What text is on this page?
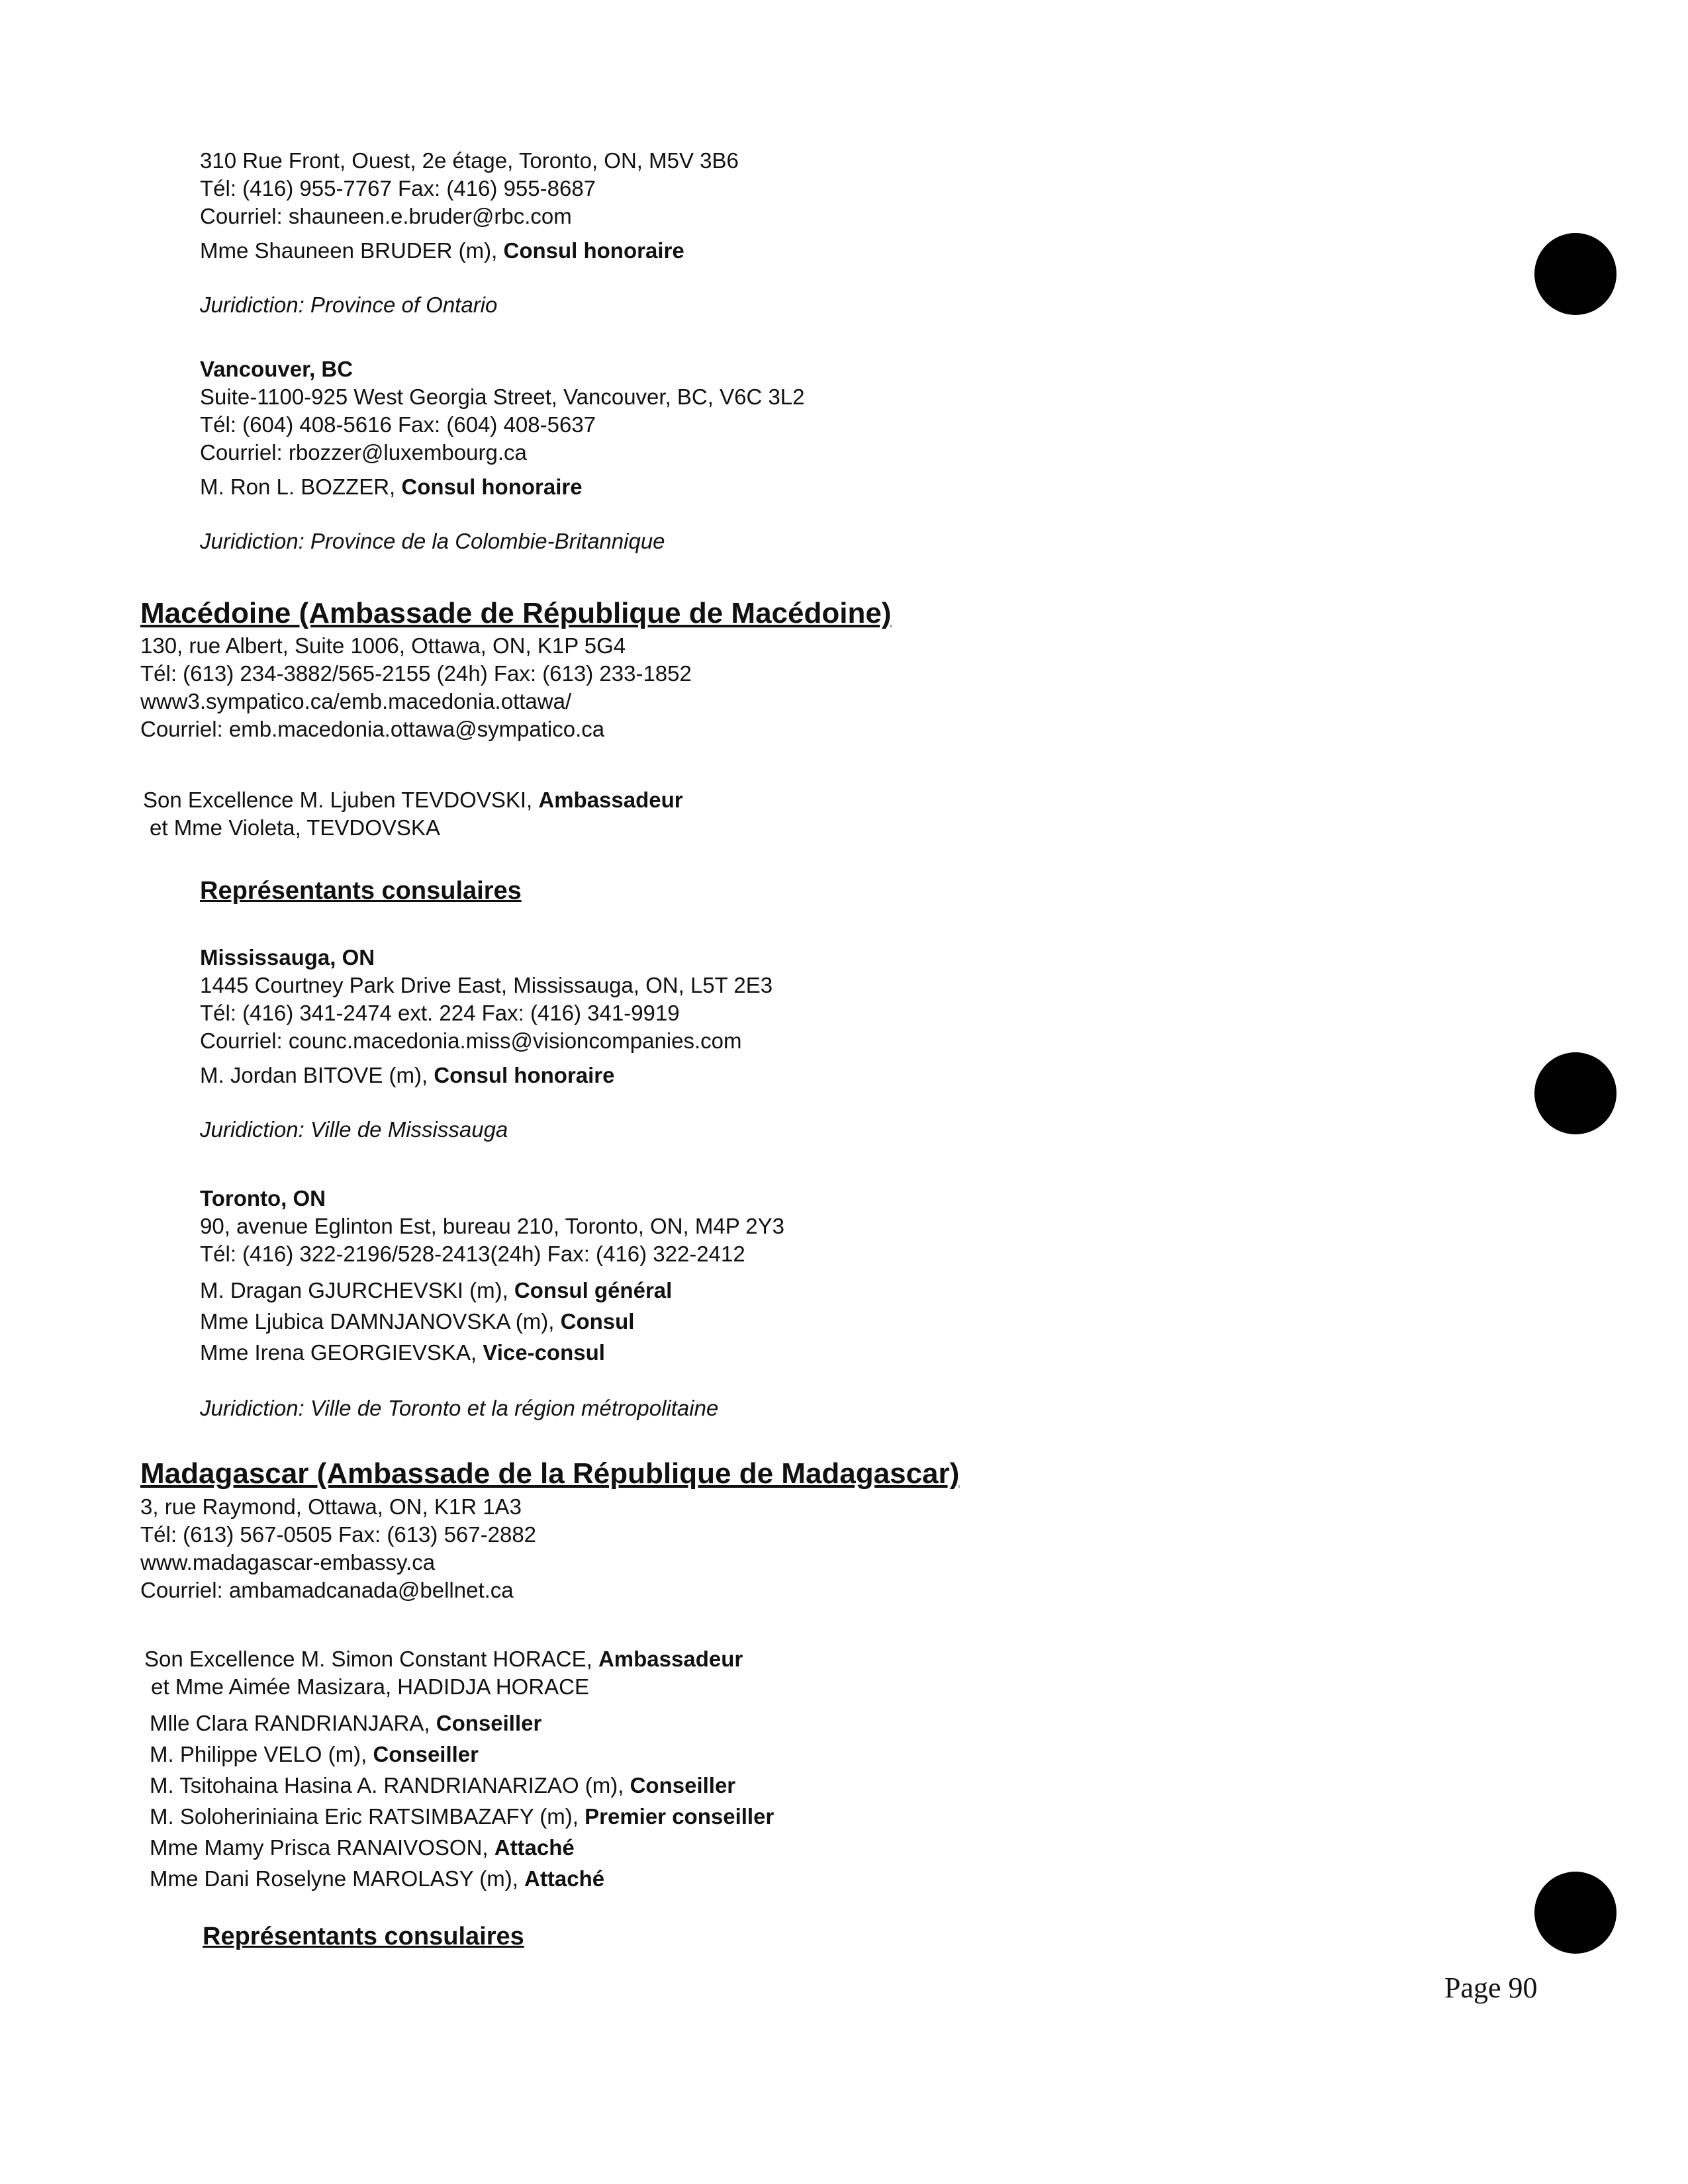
310 Rue Front, Ouest, 2e étage, Toronto, ON, M5V 3B6
Tél: (416) 955-7767 Fax: (416) 955-8687
Courriel: shauneen.e.bruder@rbc.com
Mme Shauneen BRUDER (m), Consul honoraire
Juridiction: Province of Ontario
Vancouver, BC
Suite-1100-925 West Georgia Street, Vancouver, BC, V6C 3L2
Tél: (604) 408-5616 Fax: (604) 408-5637
Courriel: rbozzer@luxembourg.ca
M. Ron L. BOZZER, Consul honoraire
Juridiction: Province de la Colombie-Britannique
Macédoine (Ambassade de République de Macédoine)
130, rue Albert, Suite 1006, Ottawa, ON, K1P 5G4
Tél: (613) 234-3882/565-2155 (24h) Fax: (613) 233-1852
www3.sympatico.ca/emb.macedonia.ottawa/
Courriel: emb.macedonia.ottawa@sympatico.ca
Son Excellence M. Ljuben TEVDOVSKI, Ambassadeur
et Mme Violeta, TEVDOVSKA
Représentants consulaires
Mississauga, ON
1445 Courtney Park Drive East, Mississauga, ON, L5T 2E3
Tél: (416) 341-2474 ext. 224 Fax: (416) 341-9919
Courriel: counc.macedonia.miss@visioncompanies.com
M. Jordan BITOVE (m), Consul honoraire
Juridiction: Ville de Mississauga
Toronto, ON
90, avenue Eglinton Est, bureau 210, Toronto, ON, M4P 2Y3
Tél: (416) 322-2196/528-2413(24h) Fax: (416) 322-2412
M. Dragan GJURCHEVSKI (m), Consul général
Mme Ljubica DAMNJANOVSKA (m), Consul
Mme Irena GEORGIEVSKA, Vice-consul
Juridiction: Ville de Toronto et la région métropolitaine
Madagascar (Ambassade de la République de Madagascar)
3, rue Raymond, Ottawa, ON, K1R 1A3
Tél: (613) 567-0505 Fax: (613) 567-2882
www.madagascar-embassy.ca
Courriel: ambamadcanada@bellnet.ca
Son Excellence M. Simon Constant HORACE, Ambassadeur
et Mme Aimée Masizara, HADIDJA HORACE
Mlle Clara RANDRIANJARA, Conseiller
M. Philippe VELO (m), Conseiller
M. Tsitohaina Hasina A. RANDRIANARIZAO (m), Conseiller
M. Soloheriniaina Eric RATSIMBAZAFY (m), Premier conseiller
Mme Mamy Prisca RANAIVOSON, Attaché
Mme Dani Roselyne MAROLASY (m), Attaché
Représentants consulaires
Page 90
